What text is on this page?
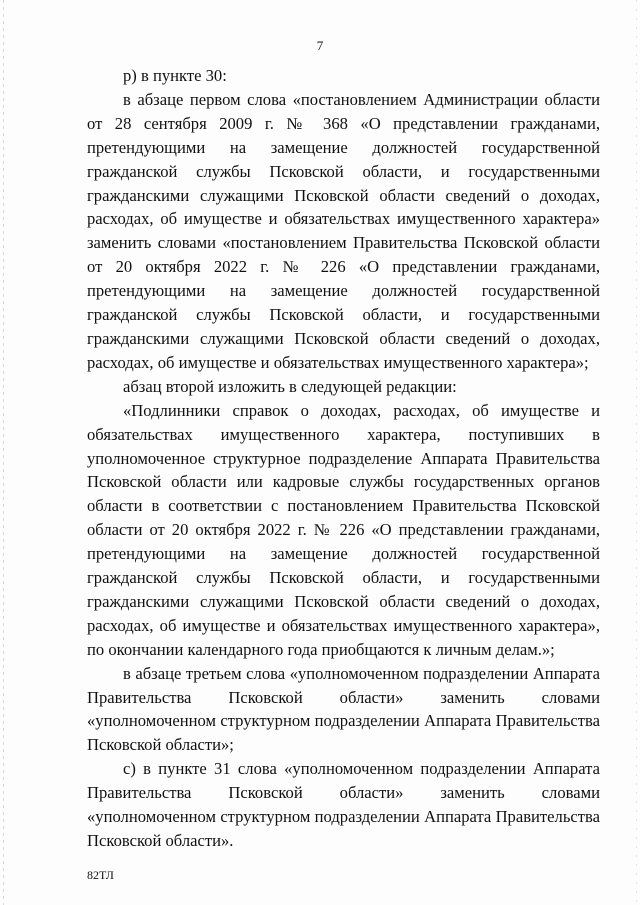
7

р) в пункте 30:

в абзаце первом слова «постановлением Администрации области от 28 сентября 2009 г. № 368 «О представлении гражданами, претендующими на замещение должностей государственной гражданской службы Псковской области, и государственными гражданскими служащими Псковской области сведений о доходах, расходах, об имуществе и обязательствах имущественного характера» заменить словами «постановлением Правительства Псковской области от 20 октября 2022 г. № 226 «О представлении гражданами, претендующими на замещение должностей государственной гражданской службы Псковской области, и государственными гражданскими служащими Псковской области сведений о доходах, расходах, об имуществе и обязательствах имущественного характера»;

абзац второй изложить в следующей редакции:

«Подлинники справок о доходах, расходах, об имуществе и обязательствах имущественного характера, поступивших в уполномоченное структурное подразделение Аппарата Правительства Псковской области или кадровые службы государственных органов области в соответствии с постановлением Правительства Псковской области от 20 октября 2022 г. № 226 «О представлении гражданами, претендующими на замещение должностей государственной гражданской службы Псковской области, и государственными гражданскими служащими Псковской области сведений о доходах, расходах, об имуществе и обязательствах имущественного характера», по окончании календарного года приобщаются к личным делам.»;

в абзаце третьем слова «уполномоченном подразделении Аппарата Правительства Псковской области» заменить словами «уполномоченном структурном подразделении Аппарата Правительства Псковской области»;

с) в пункте 31 слова «уполномоченном подразделении Аппарата Правительства Псковской области» заменить словами «уполномоченном структурном подразделении Аппарата Правительства Псковской области».

82ТЛ
